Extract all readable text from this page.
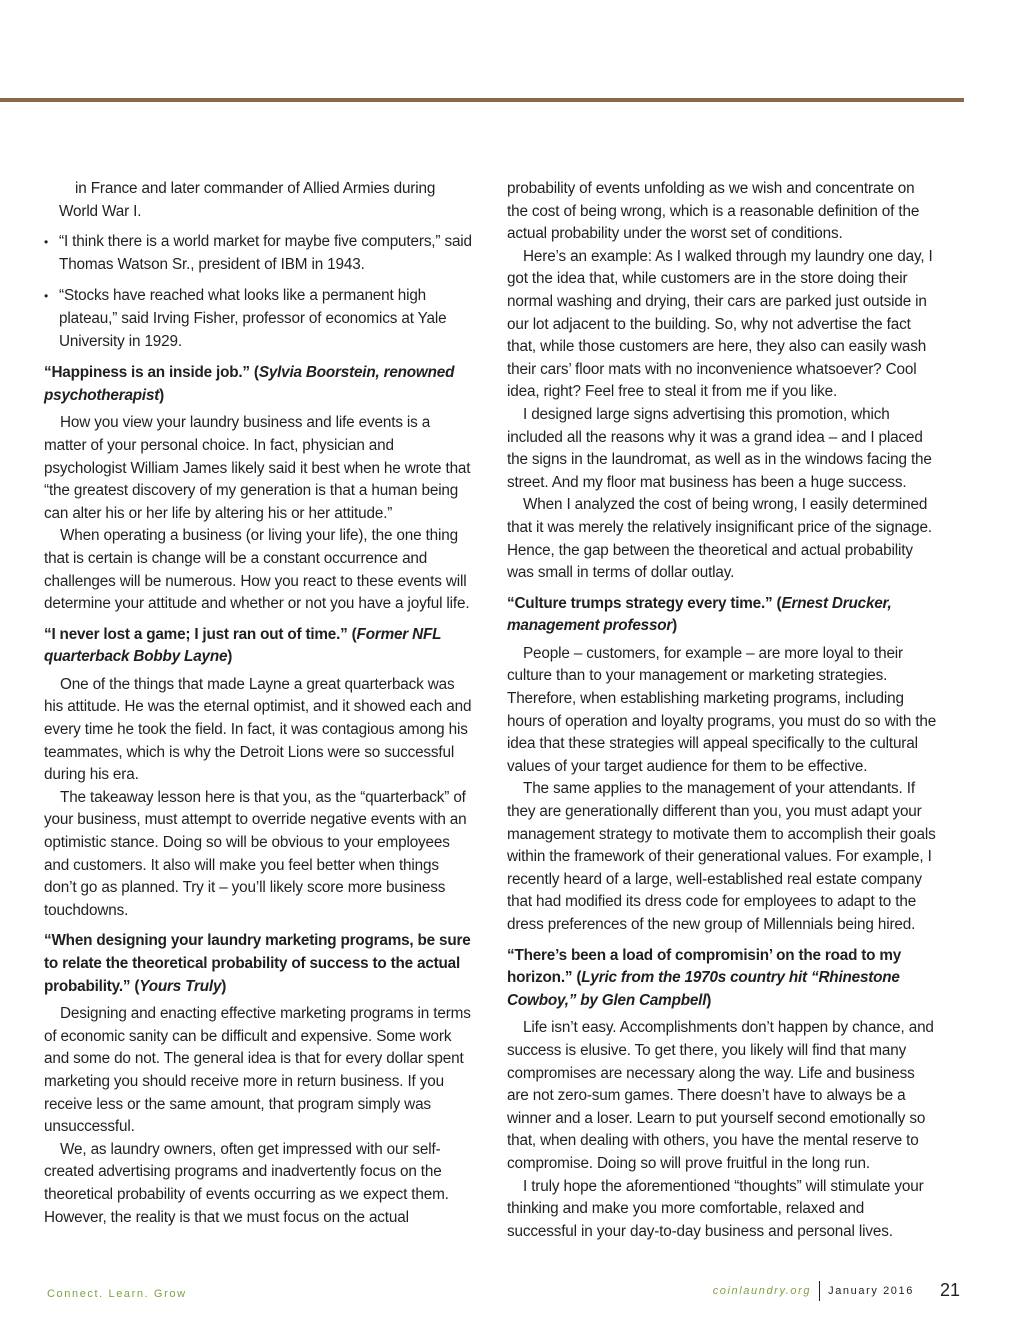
in France and later commander of Allied Armies during World War I.

• “I think there is a world market for maybe five computers,” said Thomas Watson Sr., president of IBM in 1943.
• “Stocks have reached what looks like a permanent high plateau,” said Irving Fisher, professor of economics at Yale University in 1929.
“Happiness is an inside job.” (Sylvia Boorstein, renowned psychotherapist)

How you view your laundry business and life events is a matter of your personal choice. In fact, physician and psychologist William James likely said it best when he wrote that “the greatest discovery of my generation is that a human being can alter his or her life by altering his or her attitude.”

When operating a business (or living your life), the one thing that is certain is change will be a constant occurrence and challenges will be numerous. How you react to these events will determine your attitude and whether or not you have a joyful life.

“I never lost a game; I just ran out of time.” (Former NFL quarterback Bobby Layne)

One of the things that made Layne a great quarterback was his attitude. He was the eternal optimist, and it showed each and every time he took the field. In fact, it was contagious among his teammates, which is why the Detroit Lions were so successful during his era.

The takeaway lesson here is that you, as the “quarterback” of your business, must attempt to override negative events with an optimistic stance. Doing so will be obvious to your employees and customers. It also will make you feel better when things don’t go as planned. Try it – you’ll likely score more business touchdowns.

“When designing your laundry marketing programs, be sure to relate the theoretical probability of success to the actual probability.” (Yours Truly)

Designing and enacting effective marketing programs in terms of economic sanity can be difficult and expensive. Some work and some do not. The general idea is that for every dollar spent marketing you should receive more in return business. If you receive less or the same amount, that program simply was unsuccessful.

We, as laundry owners, often get impressed with our self-created advertising programs and inadvertently focus on the theoretical probability of events occurring as we expect them. However, the reality is that we must focus on the actual

probability of events unfolding as we wish and concentrate on the cost of being wrong, which is a reasonable definition of the actual probability under the worst set of conditions.

Here’s an example: As I walked through my laundry one day, I got the idea that, while customers are in the store doing their normal washing and drying, their cars are parked just outside in our lot adjacent to the building. So, why not advertise the fact that, while those customers are here, they also can easily wash their cars’ floor mats with no inconvenience whatsoever? Cool idea, right? Feel free to steal it from me if you like.

I designed large signs advertising this promotion, which included all the reasons why it was a grand idea – and I placed the signs in the laundromat, as well as in the windows facing the street. And my floor mat business has been a huge success.

When I analyzed the cost of being wrong, I easily determined that it was merely the relatively insignificant price of the signage. Hence, the gap between the theoretical and actual probability was small in terms of dollar outlay.

“Culture trumps strategy every time.” (Ernest Drucker, management professor)

People – customers, for example – are more loyal to their culture than to your management or marketing strategies. Therefore, when establishing marketing programs, including hours of operation and loyalty programs, you must do so with the idea that these strategies will appeal specifically to the cultural values of your target audience for them to be effective.

The same applies to the management of your attendants. If they are generationally different than you, you must adapt your management strategy to motivate them to accomplish their goals within the framework of their generational values. For example, I recently heard of a large, well-established real estate company that had modified its dress code for employees to adapt to the dress preferences of the new group of Millennials being hired.

“There’s been a load of compromisin’ on the road to my horizon.” (Lyric from the 1970s country hit “Rhinestone Cowboy,” by Glen Campbell)

Life isn’t easy. Accomplishments don’t happen by chance, and success is elusive. To get there, you likely will find that many compromises are necessary along the way. Life and business are not zero-sum games. There doesn’t have to always be a winner and a loser. Learn to put yourself second emotionally so that, when dealing with others, you have the mental reserve to compromise. Doing so will prove fruitful in the long run.

I truly hope the aforementioned “thoughts” will stimulate your thinking and make you more comfortable, relaxed and successful in your day-to-day business and personal lives.

Connect. Learn. Grow	coinlaundry.org January 2016 21
